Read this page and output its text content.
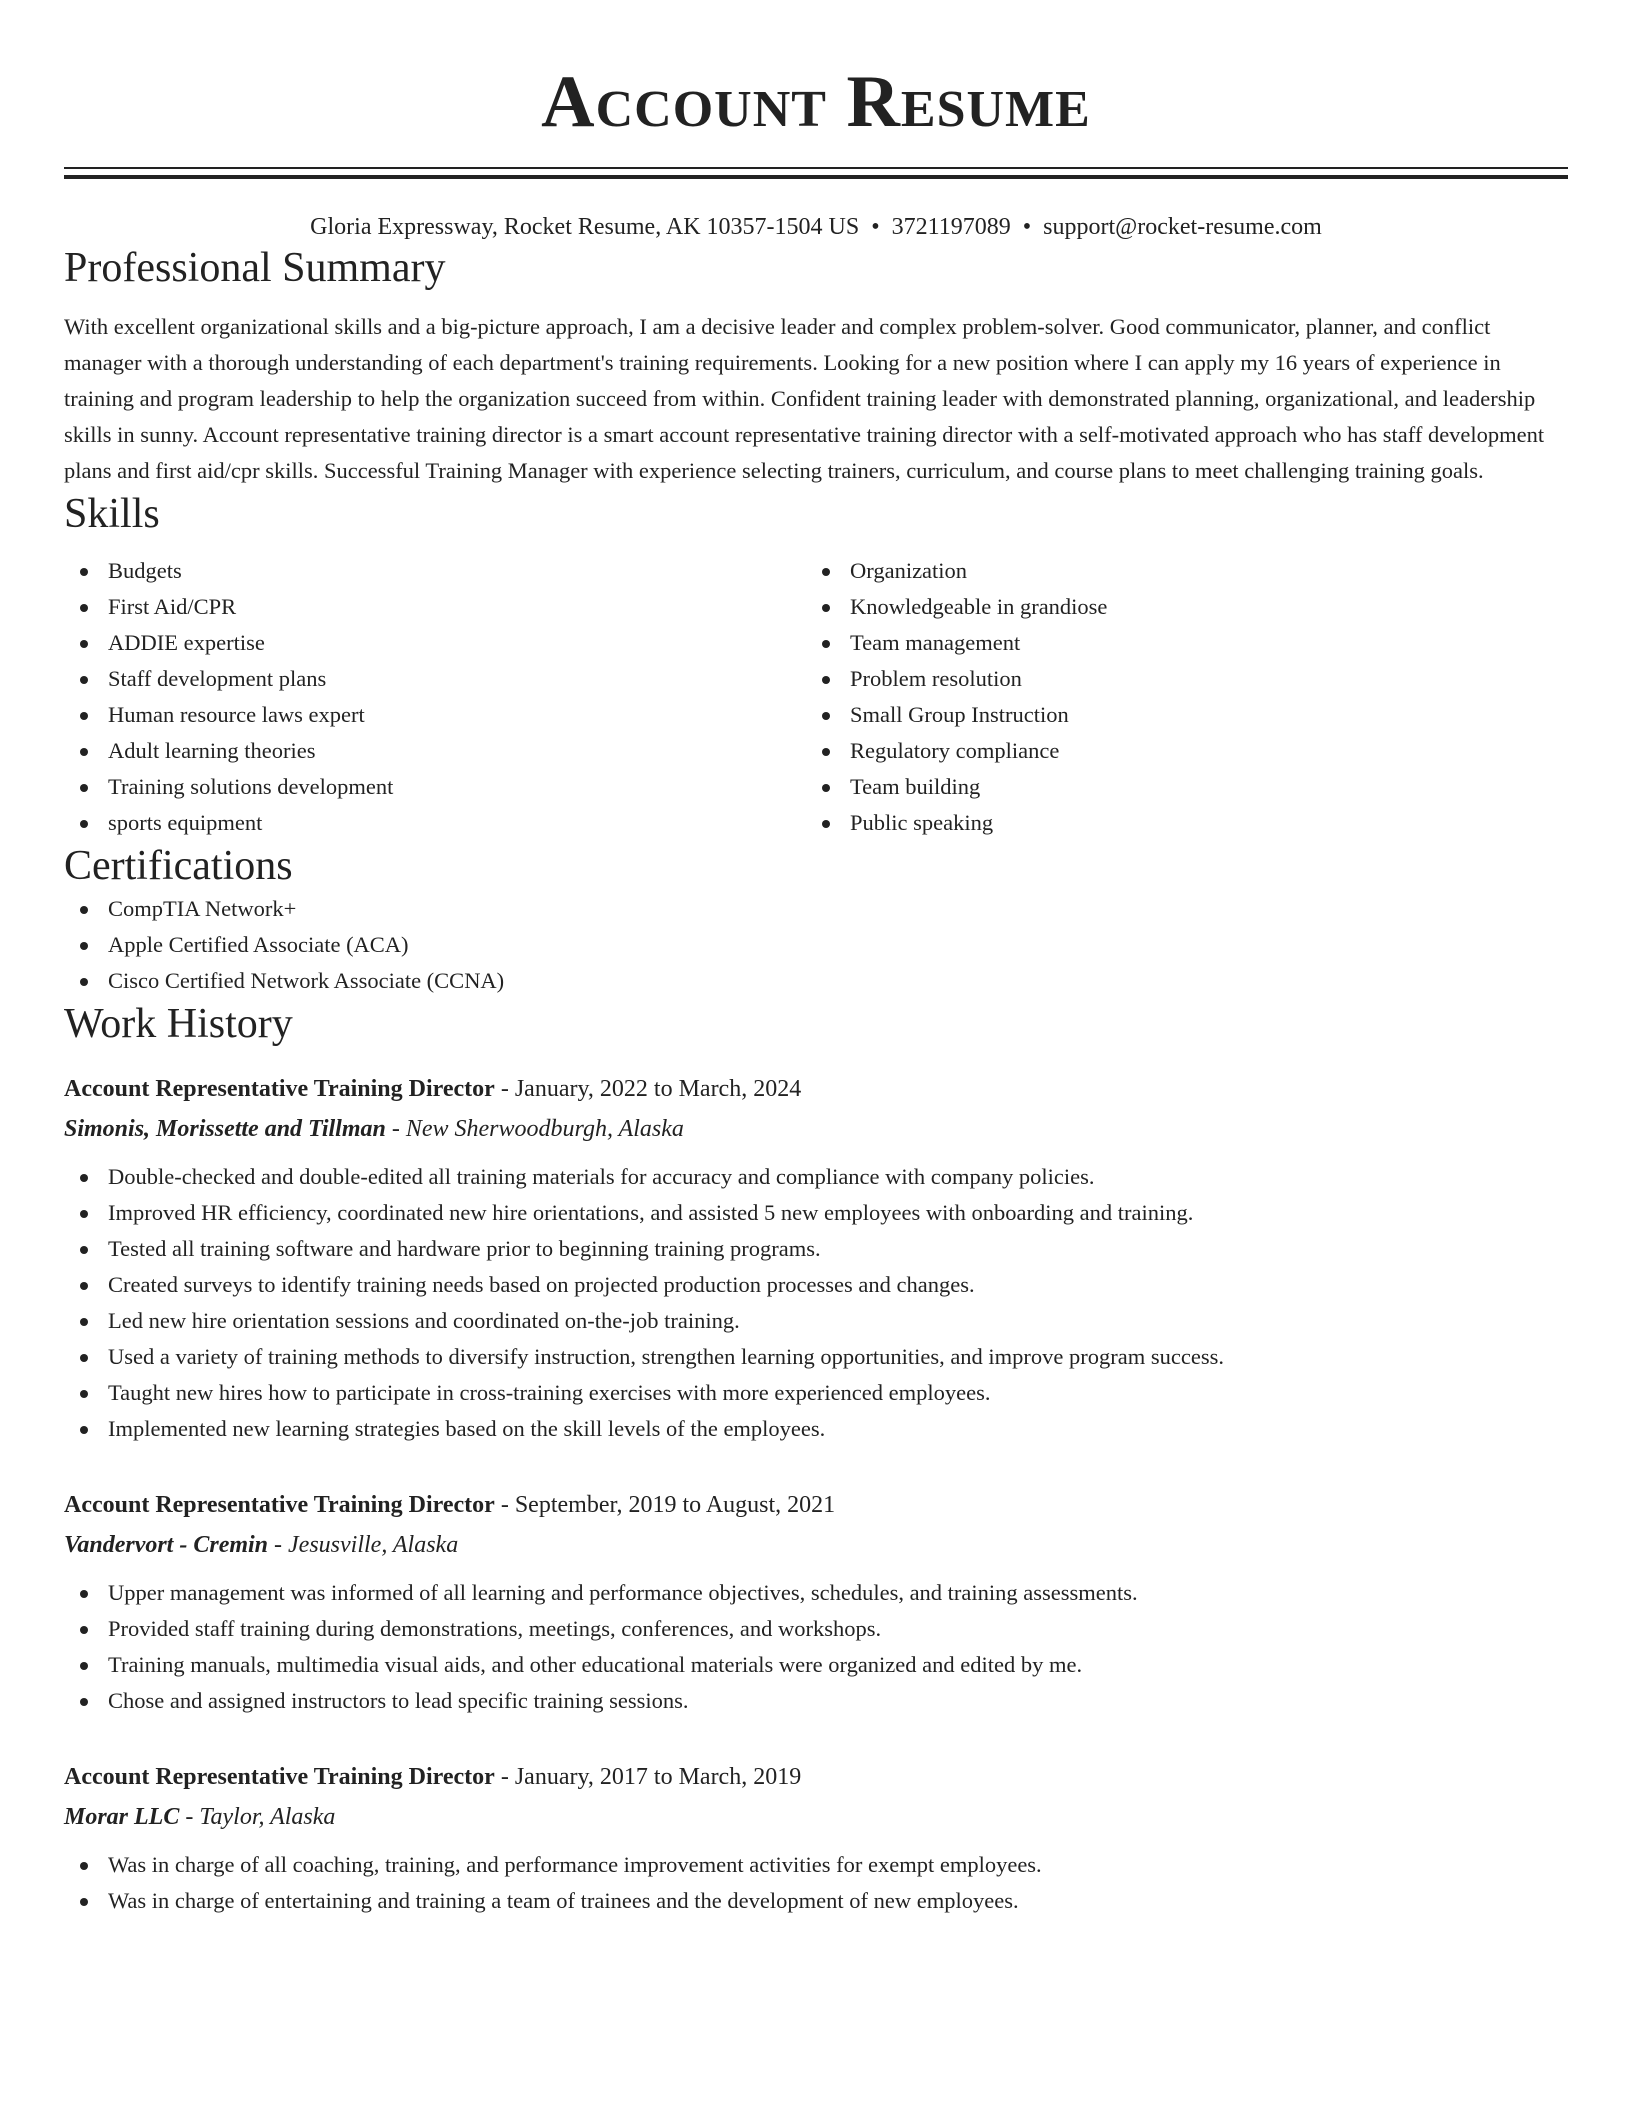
Account Resume
Gloria Expressway, Rocket Resume, AK 10357-1504 US • 3721197089 • support@rocket-resume.com
Professional Summary

With excellent organizational skills and a big-picture approach, I am a decisive leader and complex problem-solver. Good communicator, planner, and conflict manager with a thorough understanding of each department's training requirements. Looking for a new position where I can apply my 16 years of experience in training and program leadership to help the organization succeed from within. Confident training leader with demonstrated planning, organizational, and leadership skills in sunny. Account representative training director is a smart account representative training director with a self-motivated approach who has staff development plans and first aid/cpr skills. Successful Training Manager with experience selecting trainers, curriculum, and course plans to meet challenging training goals.

Skills
Budgets
First Aid/CPR
ADDIE expertise
Staff development plans
Human resource laws expert
Adult learning theories
Training solutions development
sports equipment
Organization
Knowledgeable in grandiose
Team management
Problem resolution
Small Group Instruction
Regulatory compliance
Team building
Public speaking
Certifications
CompTIA Network+
Apple Certified Associate (ACA)
Cisco Certified Network Associate (CCNA)
Work History
Account Representative Training Director - January, 2022 to March, 2024
Simonis, Morissette and Tillman - New Sherwoodburgh, Alaska
Double-checked and double-edited all training materials for accuracy and compliance with company policies.
Improved HR efficiency, coordinated new hire orientations, and assisted 5 new employees with onboarding and training.
Tested all training software and hardware prior to beginning training programs.
Created surveys to identify training needs based on projected production processes and changes.
Led new hire orientation sessions and coordinated on-the-job training.
Used a variety of training methods to diversify instruction, strengthen learning opportunities, and improve program success.
Taught new hires how to participate in cross-training exercises with more experienced employees.
Implemented new learning strategies based on the skill levels of the employees.
Account Representative Training Director - September, 2019 to August, 2021
Vandervort - Cremin - Jesusville, Alaska
Upper management was informed of all learning and performance objectives, schedules, and training assessments.
Provided staff training during demonstrations, meetings, conferences, and workshops.
Training manuals, multimedia visual aids, and other educational materials were organized and edited by me.
Chose and assigned instructors to lead specific training sessions.
Account Representative Training Director - January, 2017 to March, 2019
Morar LLC - Taylor, Alaska
Was in charge of all coaching, training, and performance improvement activities for exempt employees.
Was in charge of entertaining and training a team of trainees and the development of new employees.
